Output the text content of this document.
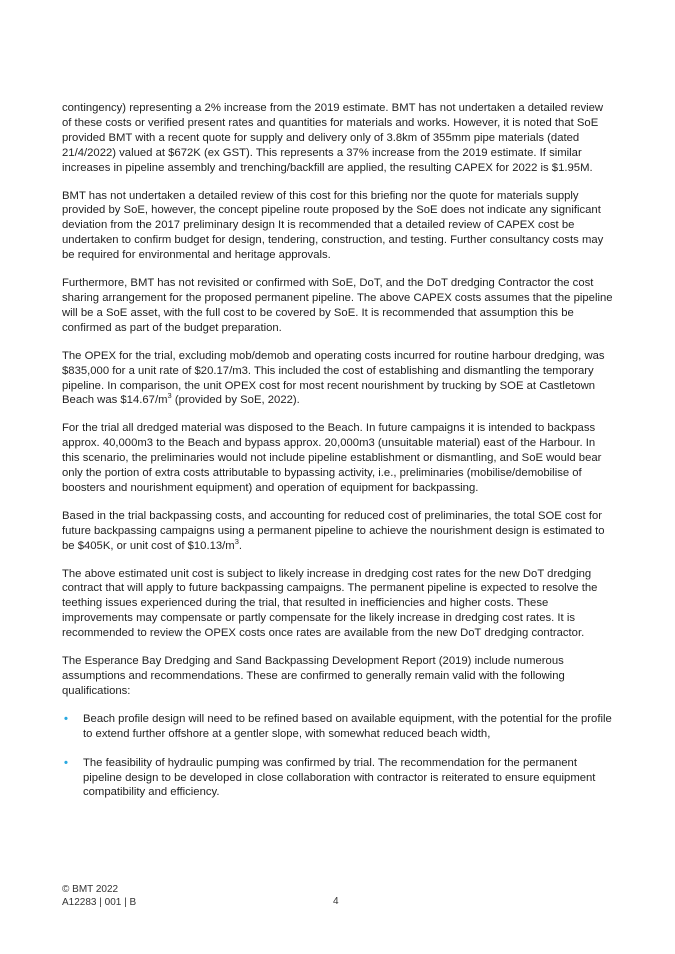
contingency) representing a 2% increase from the 2019 estimate. BMT has not undertaken a detailed review of these costs or verified present rates and quantities for materials and works. However, it is noted that SoE provided BMT with a recent quote for supply and delivery only of 3.8km of 355mm pipe materials (dated 21/4/2022) valued at $672K (ex GST). This represents a 37% increase from the 2019 estimate. If similar increases in pipeline assembly and trenching/backfill are applied, the resulting CAPEX for 2022 is $1.95M.

BMT has not undertaken a detailed review of this cost for this briefing nor the quote for materials supply provided by SoE, however, the concept pipeline route proposed by the SoE does not indicate any significant deviation from the 2017 preliminary design It is recommended that a detailed review of CAPEX cost be undertaken to confirm budget for design, tendering, construction, and testing. Further consultancy costs may be required for environmental and heritage approvals.

Furthermore, BMT has not revisited or confirmed with SoE, DoT, and the DoT dredging Contractor the cost sharing arrangement for the proposed permanent pipeline. The above CAPEX costs assumes that the pipeline will be a SoE asset, with the full cost to be covered by SoE. It is recommended that assumption this be confirmed as part of the budget preparation.

The OPEX for the trial, excluding mob/demob and operating costs incurred for routine harbour dredging, was $835,000 for a unit rate of $20.17/m3. This included the cost of establishing and dismantling the temporary pipeline. In comparison, the unit OPEX cost for most recent nourishment by trucking by SOE at Castletown Beach was $\$14.67/m^3$ (provided by SoE, 2022).

For the trial all dredged material was disposed to the Beach. In future campaigns it is intended to backpass approx. 40,000m3 to the Beach and bypass approx. 20,000m3 (unsuitable material) east of the Harbour. In this scenario, the preliminaries would not include pipeline establishment or dismantling, and SoE would bear only the portion of extra costs attributable to bypassing activity, i.e., preliminaries (mobilise/demobilise of boosters and nourishment equipment) and operation of equipment for backpassing.

Based in the trial backpassing costs, and accounting for reduced cost of preliminaries, the total SOE cost for future backpassing campaigns using a permanent pipeline to achieve the nourishment design is estimated to be $405K, or unit cost of $\$10.13/m^3$.

The above estimated unit cost is subject to likely increase in dredging cost rates for the new DoT dredging contract that will apply to future backpassing campaigns. The permanent pipeline is expected to resolve the teething issues experienced during the trial, that resulted in inefficiencies and higher costs. These improvements may compensate or partly compensate for the likely increase in dredging cost rates. It is recommended to review the OPEX costs once rates are available from the new DoT dredging contractor.

The Esperance Bay Dredging and Sand Backpassing Development Report (2019) include numerous assumptions and recommendations. These are confirmed to generally remain valid with the following qualifications:

• Beach profile design will need to be refined based on available equipment, with the potential for the profile to extend further offshore at a gentler slope, with somewhat reduced beach width,
• The feasibility of hydraulic pumping was confirmed by trial. The recommendation for the permanent pipeline design to be developed in close collaboration with contractor is reiterated to ensure equipment compatibility and efficiency.
© BMT 2022
A12283 | 001 | B	4
